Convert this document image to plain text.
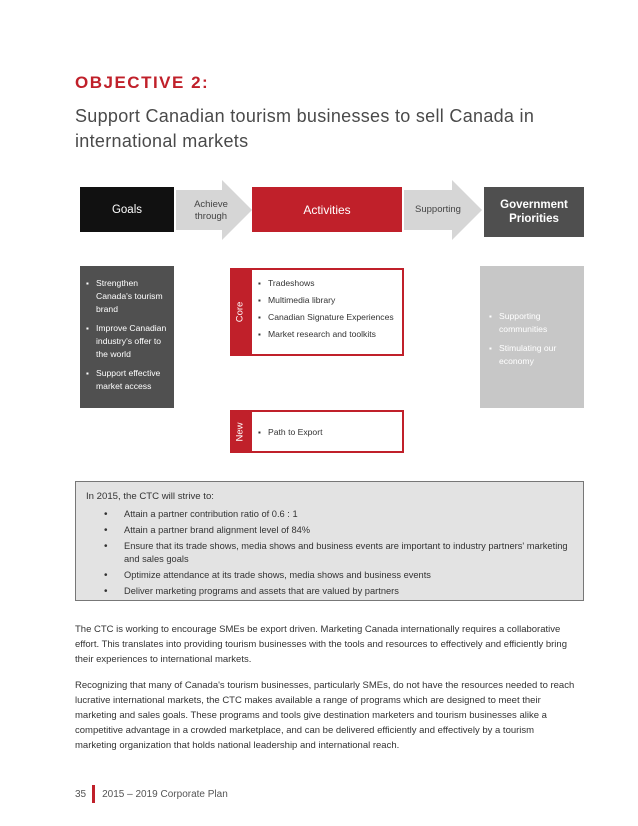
OBJECTIVE 2:
Support Canadian tourism businesses to sell Canada in international markets
Goals	Achieve through	Activities	Supporting	Government Priorities
▪ Strengthen Canada's tourism brand
▪ Improve Canadian industry's offer to the world
▪ Support effective market access
Core
▪ Tradeshows
▪ Multimedia library
▪ Canadian Signature Experiences
▪ Market research and toolkits
New
▪	Path to Export
▪ Supporting communities
▪ Stimulating our economy
In 2015, the CTC will strive to:
• Attain a partner contribution ratio of 0.6 : 1
• Attain a partner brand alignment level of 84%
• Ensure that its trade shows, media shows and business events are important to industry partners' marketing and sales goals
• Optimize attendance at its trade shows, media shows and business events
• Deliver marketing programs and assets that are valued by partners

The CTC is working to encourage SMEs be export driven. Marketing Canada internationally requires a collaborative effort. This translates into providing tourism businesses with the tools and resources to effectively and efficiently bring their experiences to international markets.

Recognizing that many of Canada's tourism businesses, particularly SMEs, do not have the resources needed to reach lucrative international markets, the CTC makes available a range of programs which are designed to meet their marketing and sales goals. These programs and tools give destination marketers and tourism businesses alike a competitive advantage in a crowded marketplace, and can be delivered efficiently and effectively by a tourism marketing organization that holds national leadership and international reach.

35 2015 – 2019 Corporate Plan
